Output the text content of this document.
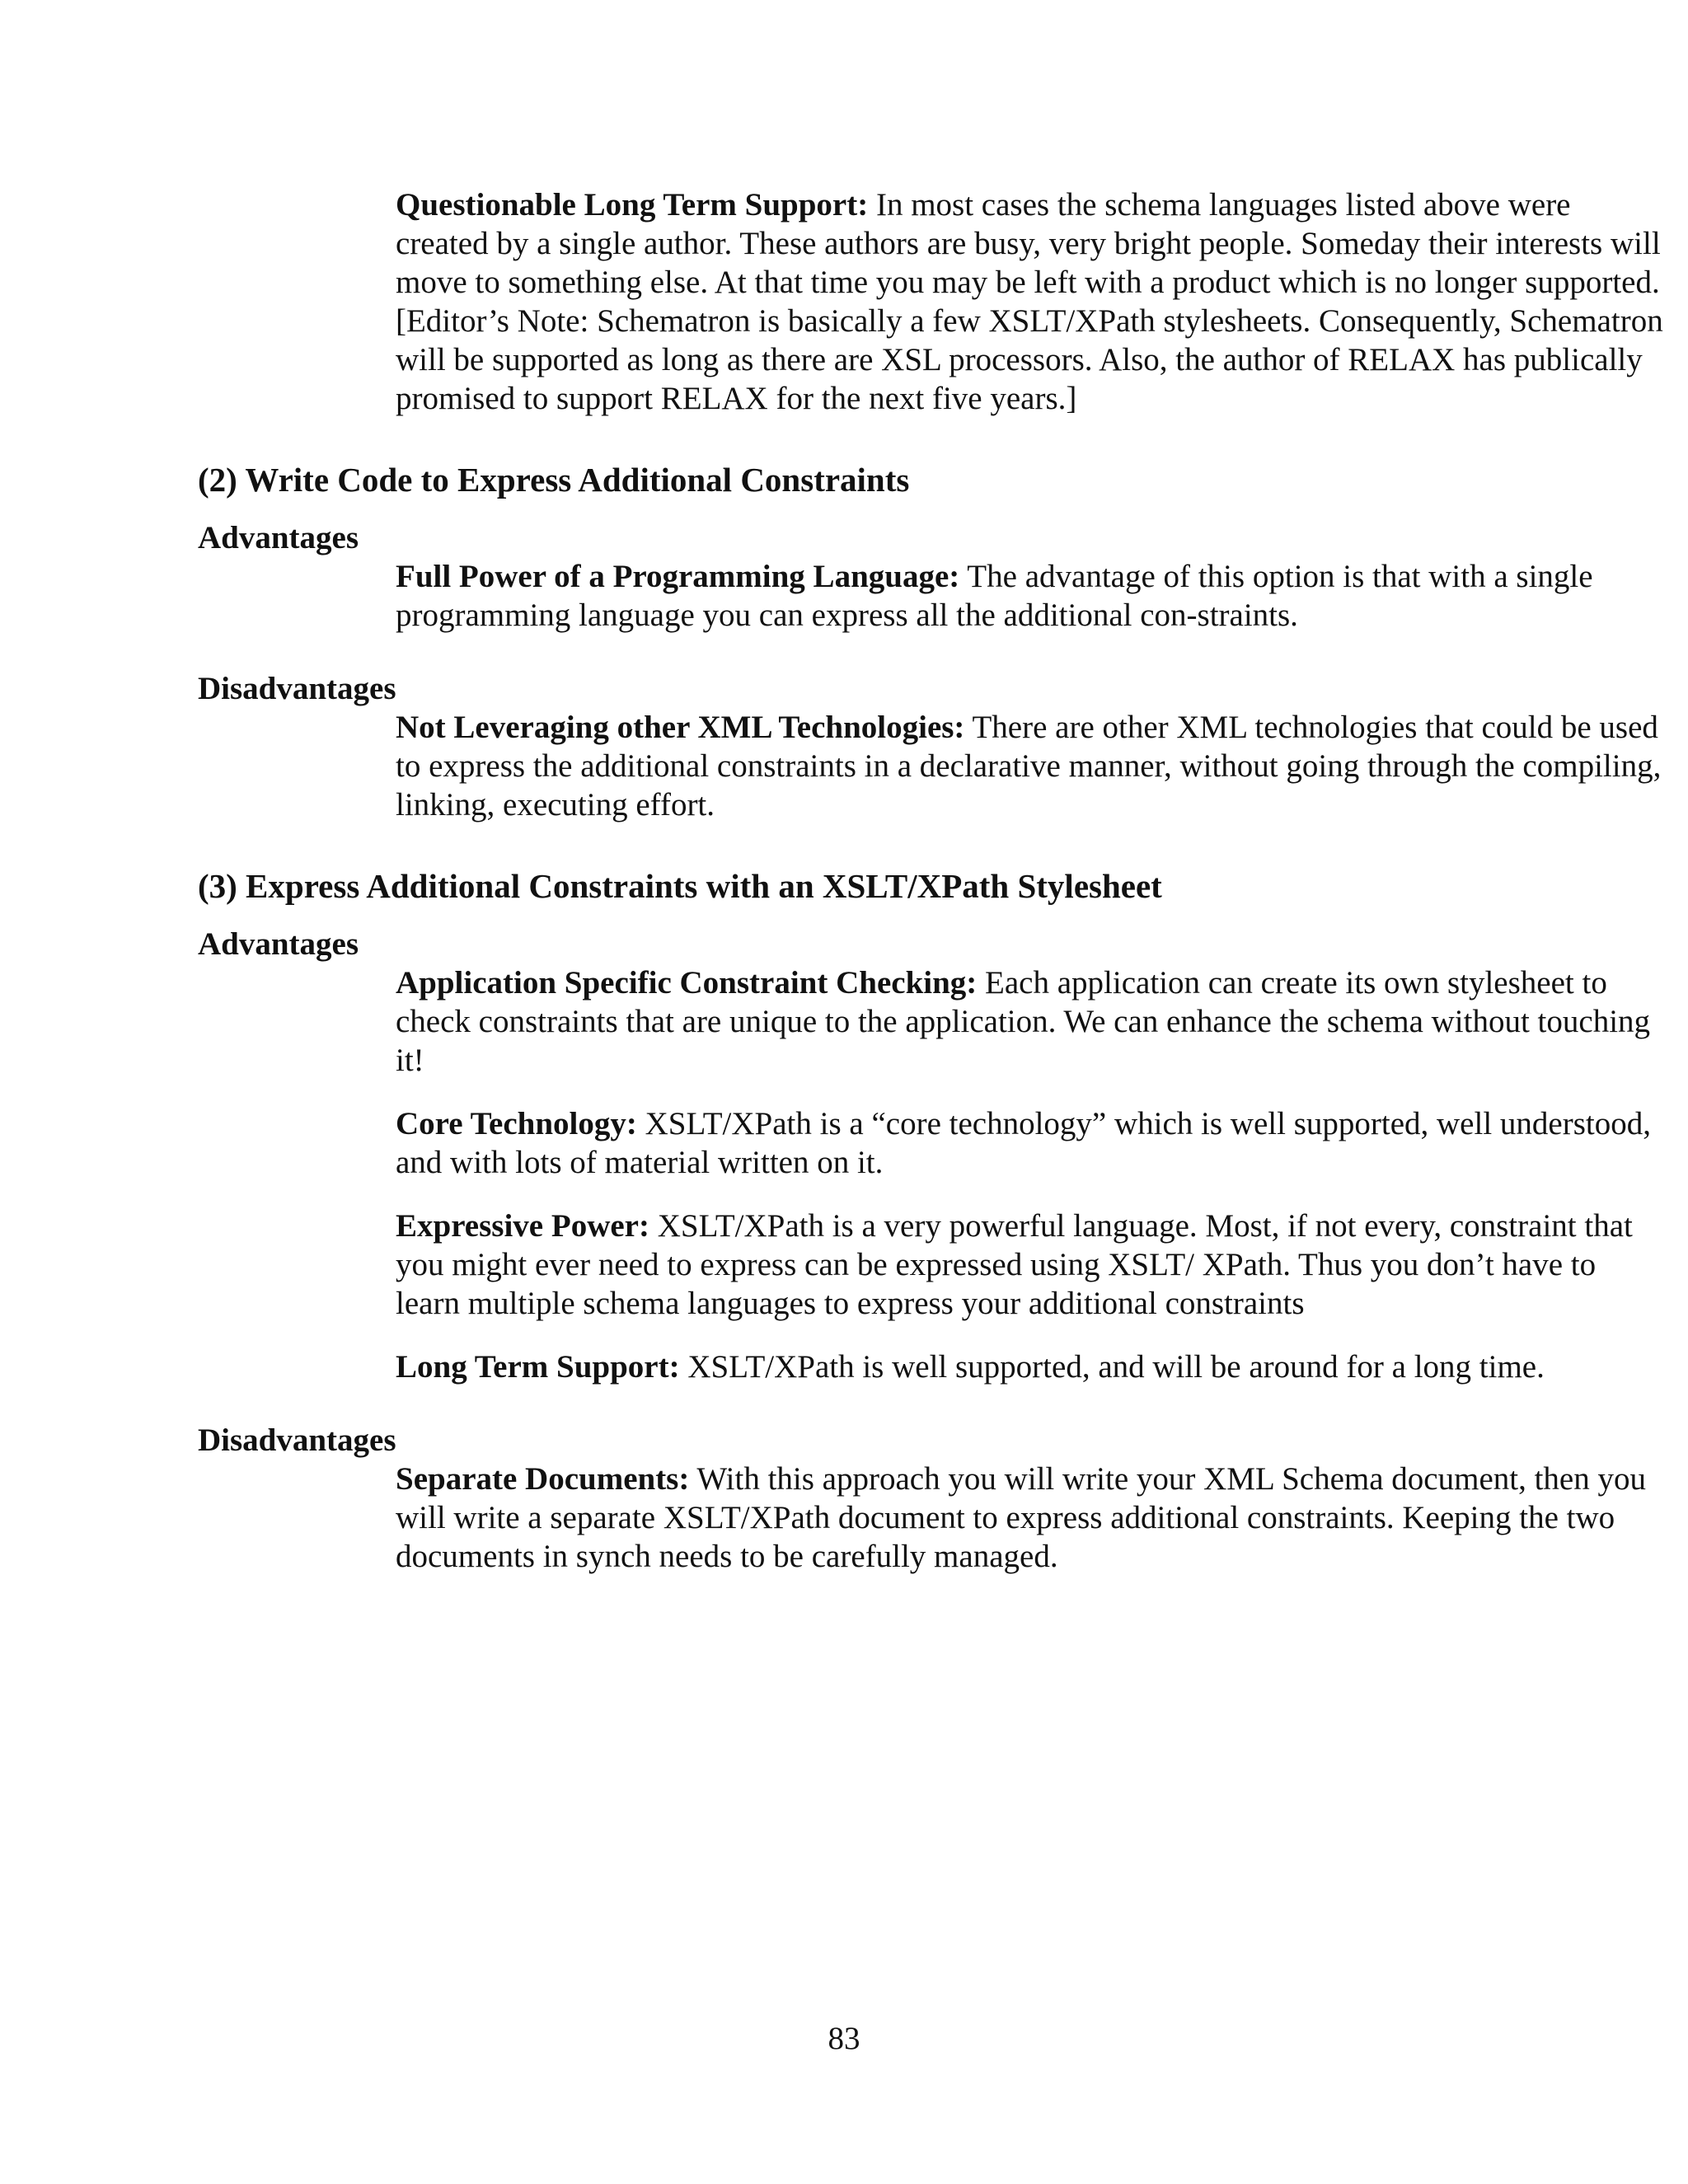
Questionable Long Term Support: In most cases the schema languages listed above were created by a single author. These authors are busy, very bright people. Someday their interests will move to something else. At that time you may be left with a product which is no longer supported. [Editor’s Note: Schematron is basically a few XSLT/XPath stylesheets. Consequently, Schematron will be supported as long as there are XSL processors. Also, the author of RELAX has publically promised to support RELAX for the next five years.]

(2) Write Code to Express Additional Constraints
Advantages

Full Power of a Programming Language: The advantage of this option is that with a single programming language you can express all the additional con-straints.

Disadvantages

Not Leveraging other XML Technologies: There are other XML technologies that could be used to express the additional constraints in a declarative manner, without going through the compiling, linking, executing effort.

(3) Express Additional Constraints with an XSLT/XPath Stylesheet
Advantages

Application Specific Constraint Checking: Each application can create its own stylesheet to check constraints that are unique to the application. We can enhance the schema without touching it!

Core Technology: XSLT/XPath is a “core technology” which is well supported, well understood, and with lots of material written on it.

Expressive Power: XSLT/XPath is a very powerful language. Most, if not every, constraint that you might ever need to express can be expressed using XSLT/ XPath. Thus you don’t have to learn multiple schema languages to express your additional constraints

Long Term Support: XSLT/XPath is well supported, and will be around for a long time.

Disadvantages

Separate Documents: With this approach you will write your XML Schema document, then you will write a separate XSLT/XPath document to express additional constraints. Keeping the two documents in synch needs to be carefully managed.

83
